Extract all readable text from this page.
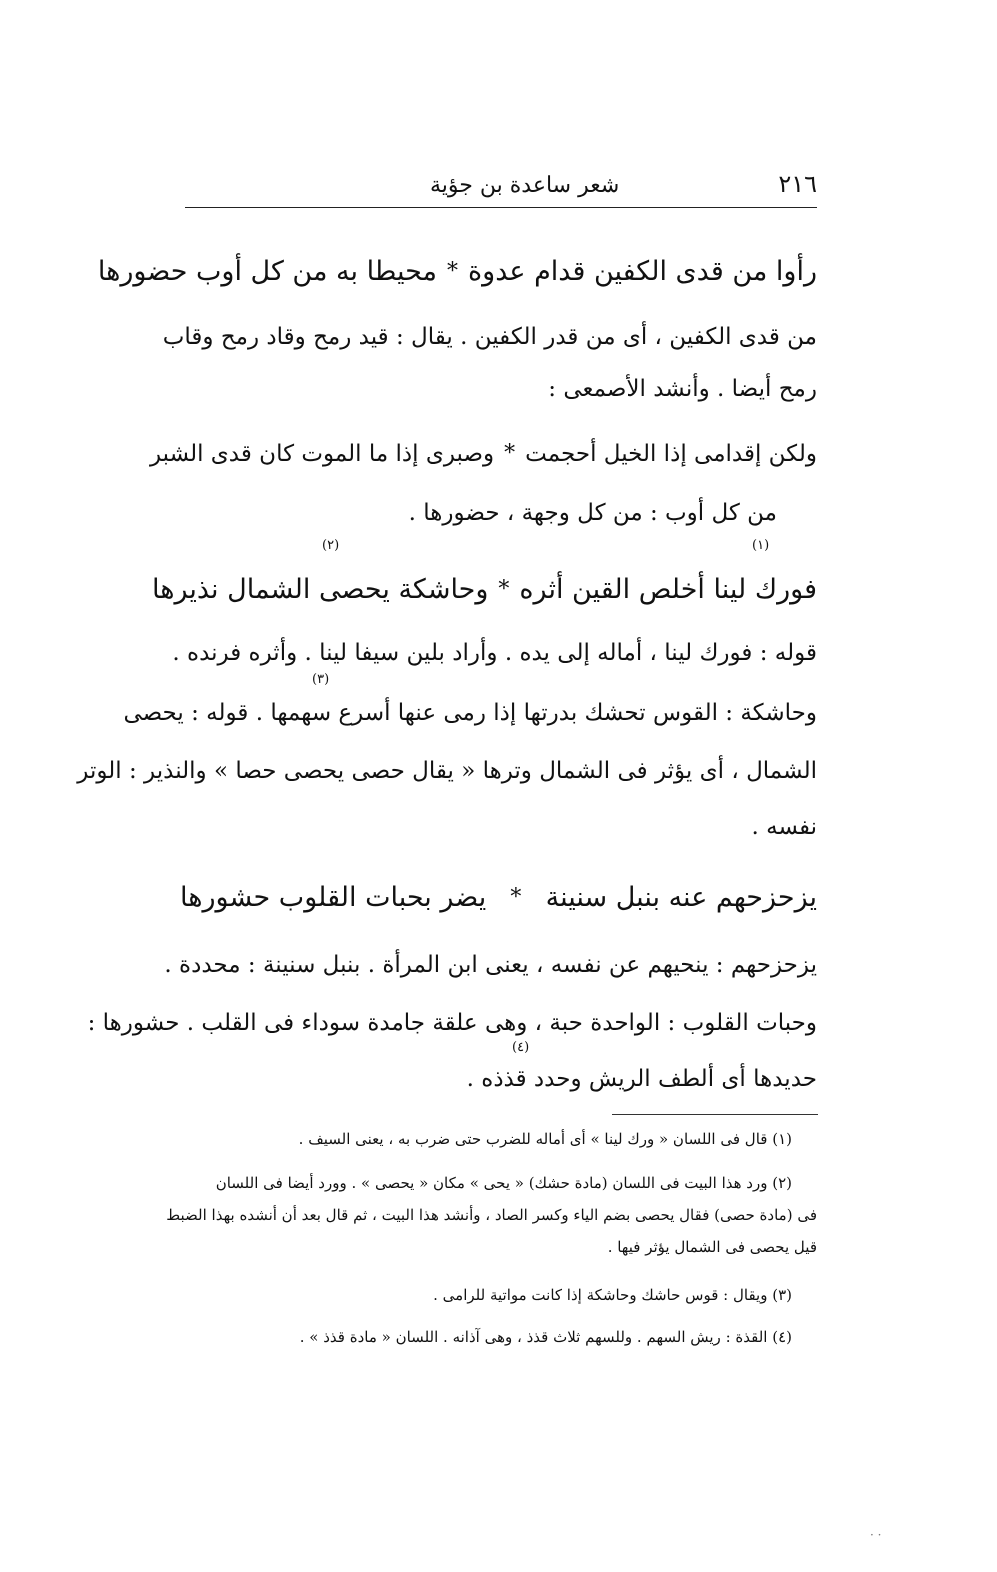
٢١٦
شعر ساعدة بن جؤية
رأوا من قدى الكفين قدام عدوة
*
محيطا به من كل أوب حضورها
من قدى الكفين ، أى من قدر الكفين . يقال : قيد رمح وقاد رمح وقاب
رمح أيضا . وأنشد الأصمعى :
ولكن إقدامى إذا الخيل أحجمت
*
وصبرى إذا ما الموت كان قدى الشبر
من كل أوب : من كل وجهة ، حضورها .
(١)
(٢)
فورك لينا أخلص القين أثره
*
وحاشكة يحصى الشمال نذيرها
قوله : فورك لينا ، أماله إلى يده . وأراد بلين سيفا لينا . وأثره فرنده .
(٣)
وحاشكة : القوس تحشك بدرتها إذا رمى عنها أسرع سهمها . قوله : يحصى
الشمال ، أى يؤثر فى الشمال وترها « يقال حصى يحصى حصا » والنذير : الوتر
نفسه .
يزحزحهم عنه بنبل سنينة
*
يضر بحبات القلوب حشورها
يزحزحهم : ينحيهم عن نفسه ، يعنى ابن المرأة . بنبل سنينة : محددة .
وحبات القلوب : الواحدة حبة ، وهى علقة جامدة سوداء فى القلب . حشورها :
(٤)
حديدها أى ألطف الريش وحدد قذذه .
(١) قال فى اللسان « ورك لينا » أى أماله للضرب حتى ضرب به ، يعنى السيف .
(٢) ورد هذا البيت فى اللسان (مادة حشك) « يحى » مكان « يحصى » . وورد أيضا فى اللسان
فى (مادة حصى) فقال يحصى بضم الياء وكسر الصاد ، وأنشد هذا البيت ، ثم قال بعد أن أنشده بهذا الضبط
قيل يحصى فى الشمال يؤثر فيها .
(٣) ويقال : قوس حاشك وحاشكة إذا كانت مواتية للرامى .
(٤) القذة : ريش السهم . وللسهم ثلاث قذذ ، وهى آذانه . اللسان « مادة قذذ » .
· ·
